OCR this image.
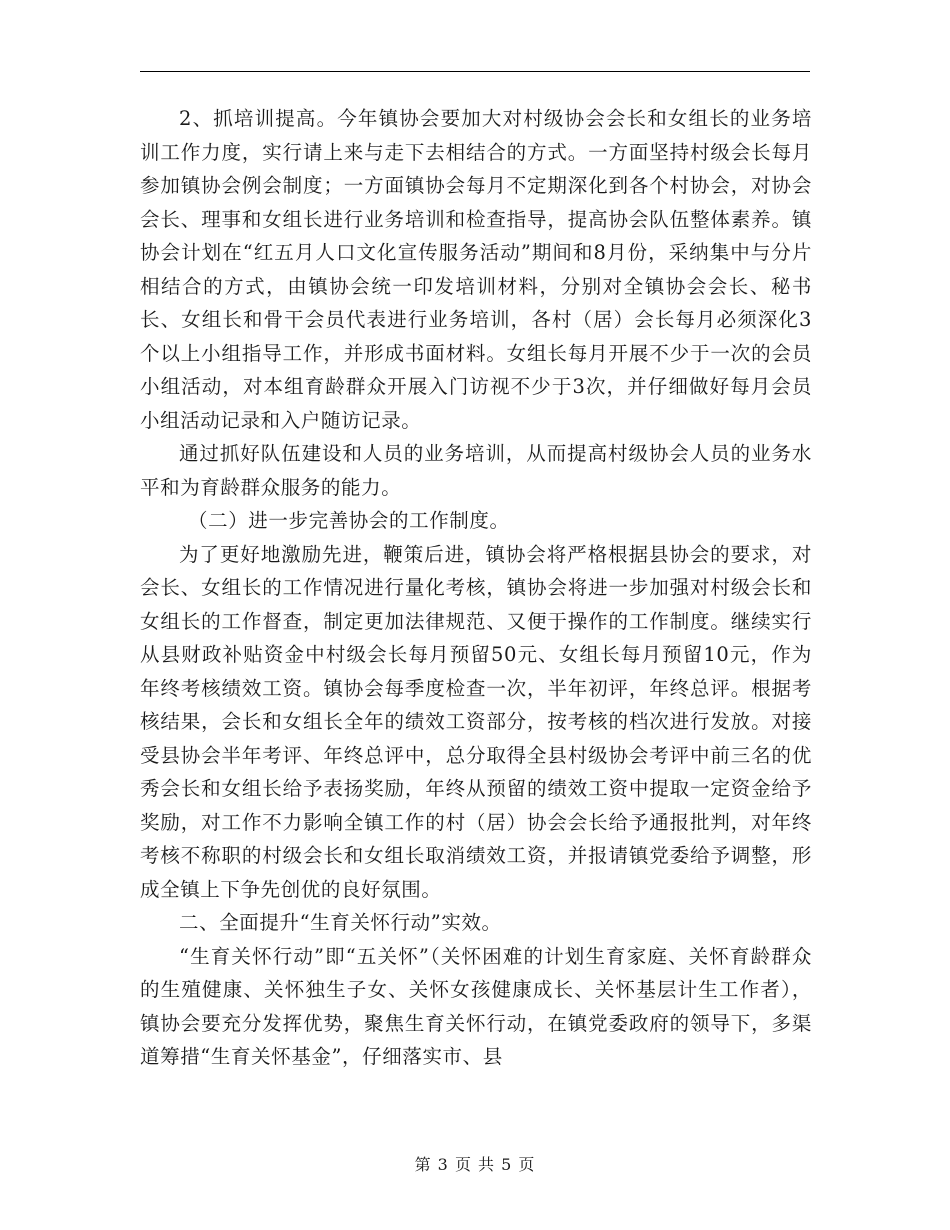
2、抓培训提高。今年镇协会要加大对村级协会会长和女组长的业务培训工作力度，实行请上来与走下去相结合的方式。一方面坚持村级会长每月参加镇协会例会制度；一方面镇协会每月不定期深化到各个村协会，对协会会长、理事和女组长进行业务培训和检查指导，提高协会队伍整体素养。镇协会计划在“红五月人口文化宣传服务活动”期间和8月份，采纳集中与分片相结合的方式，由镇协会统一印发培训材料，分别对全镇协会会长、秘书长、女组长和骨干会员代表进行业务培训，各村（居）会长每月必须深化3个以上小组指导工作，并形成书面材料。女组长每月开展不少于一次的会员小组活动，对本组育龄群众开展入门访视不少于3次，并仔细做好每月会员小组活动记录和入户随访记录。

通过抓好队伍建设和人员的业务培训，从而提高村级协会人员的业务水平和为育龄群众服务的能力。

（二）进一步完善协会的工作制度。

为了更好地激励先进，鞭策后进，镇协会将严格根据县协会的要求，对会长、女组长的工作情况进行量化考核，镇协会将进一步加强对村级会长和女组长的工作督查，制定更加法律规范、又便于操作的工作制度。继续实行从县财政补贴资金中村级会长每月预留50元、女组长每月预留10元，作为年终考核绩效工资。镇协会每季度检查一次，半年初评，年终总评。根据考核结果，会长和女组长全年的绩效工资部分，按考核的档次进行发放。对接受县协会半年考评、年终总评中，总分取得全县村级协会考评中前三名的优秀会长和女组长给予表扬奖励，年终从预留的绩效工资中提取一定资金给予奖励，对工作不力影响全镇工作的村（居）协会会长给予通报批判，对年终考核不称职的村级会长和女组长取消绩效工资，并报请镇党委给予调整，形成全镇上下争先创优的良好氛围。

二、全面提升“生育关怀行动”实效。

“生育关怀行动”即“五关怀”（关怀困难的计划生育家庭、关怀育龄群众的生殖健康、关怀独生子女、关怀女孩健康成长、关怀基层计生工作者），镇协会要充分发挥优势，聚焦生育关怀行动，在镇党委政府的领导下，多渠道筹措“生育关怀基金”，仔细落实市、县

第 3 页 共 5 页
